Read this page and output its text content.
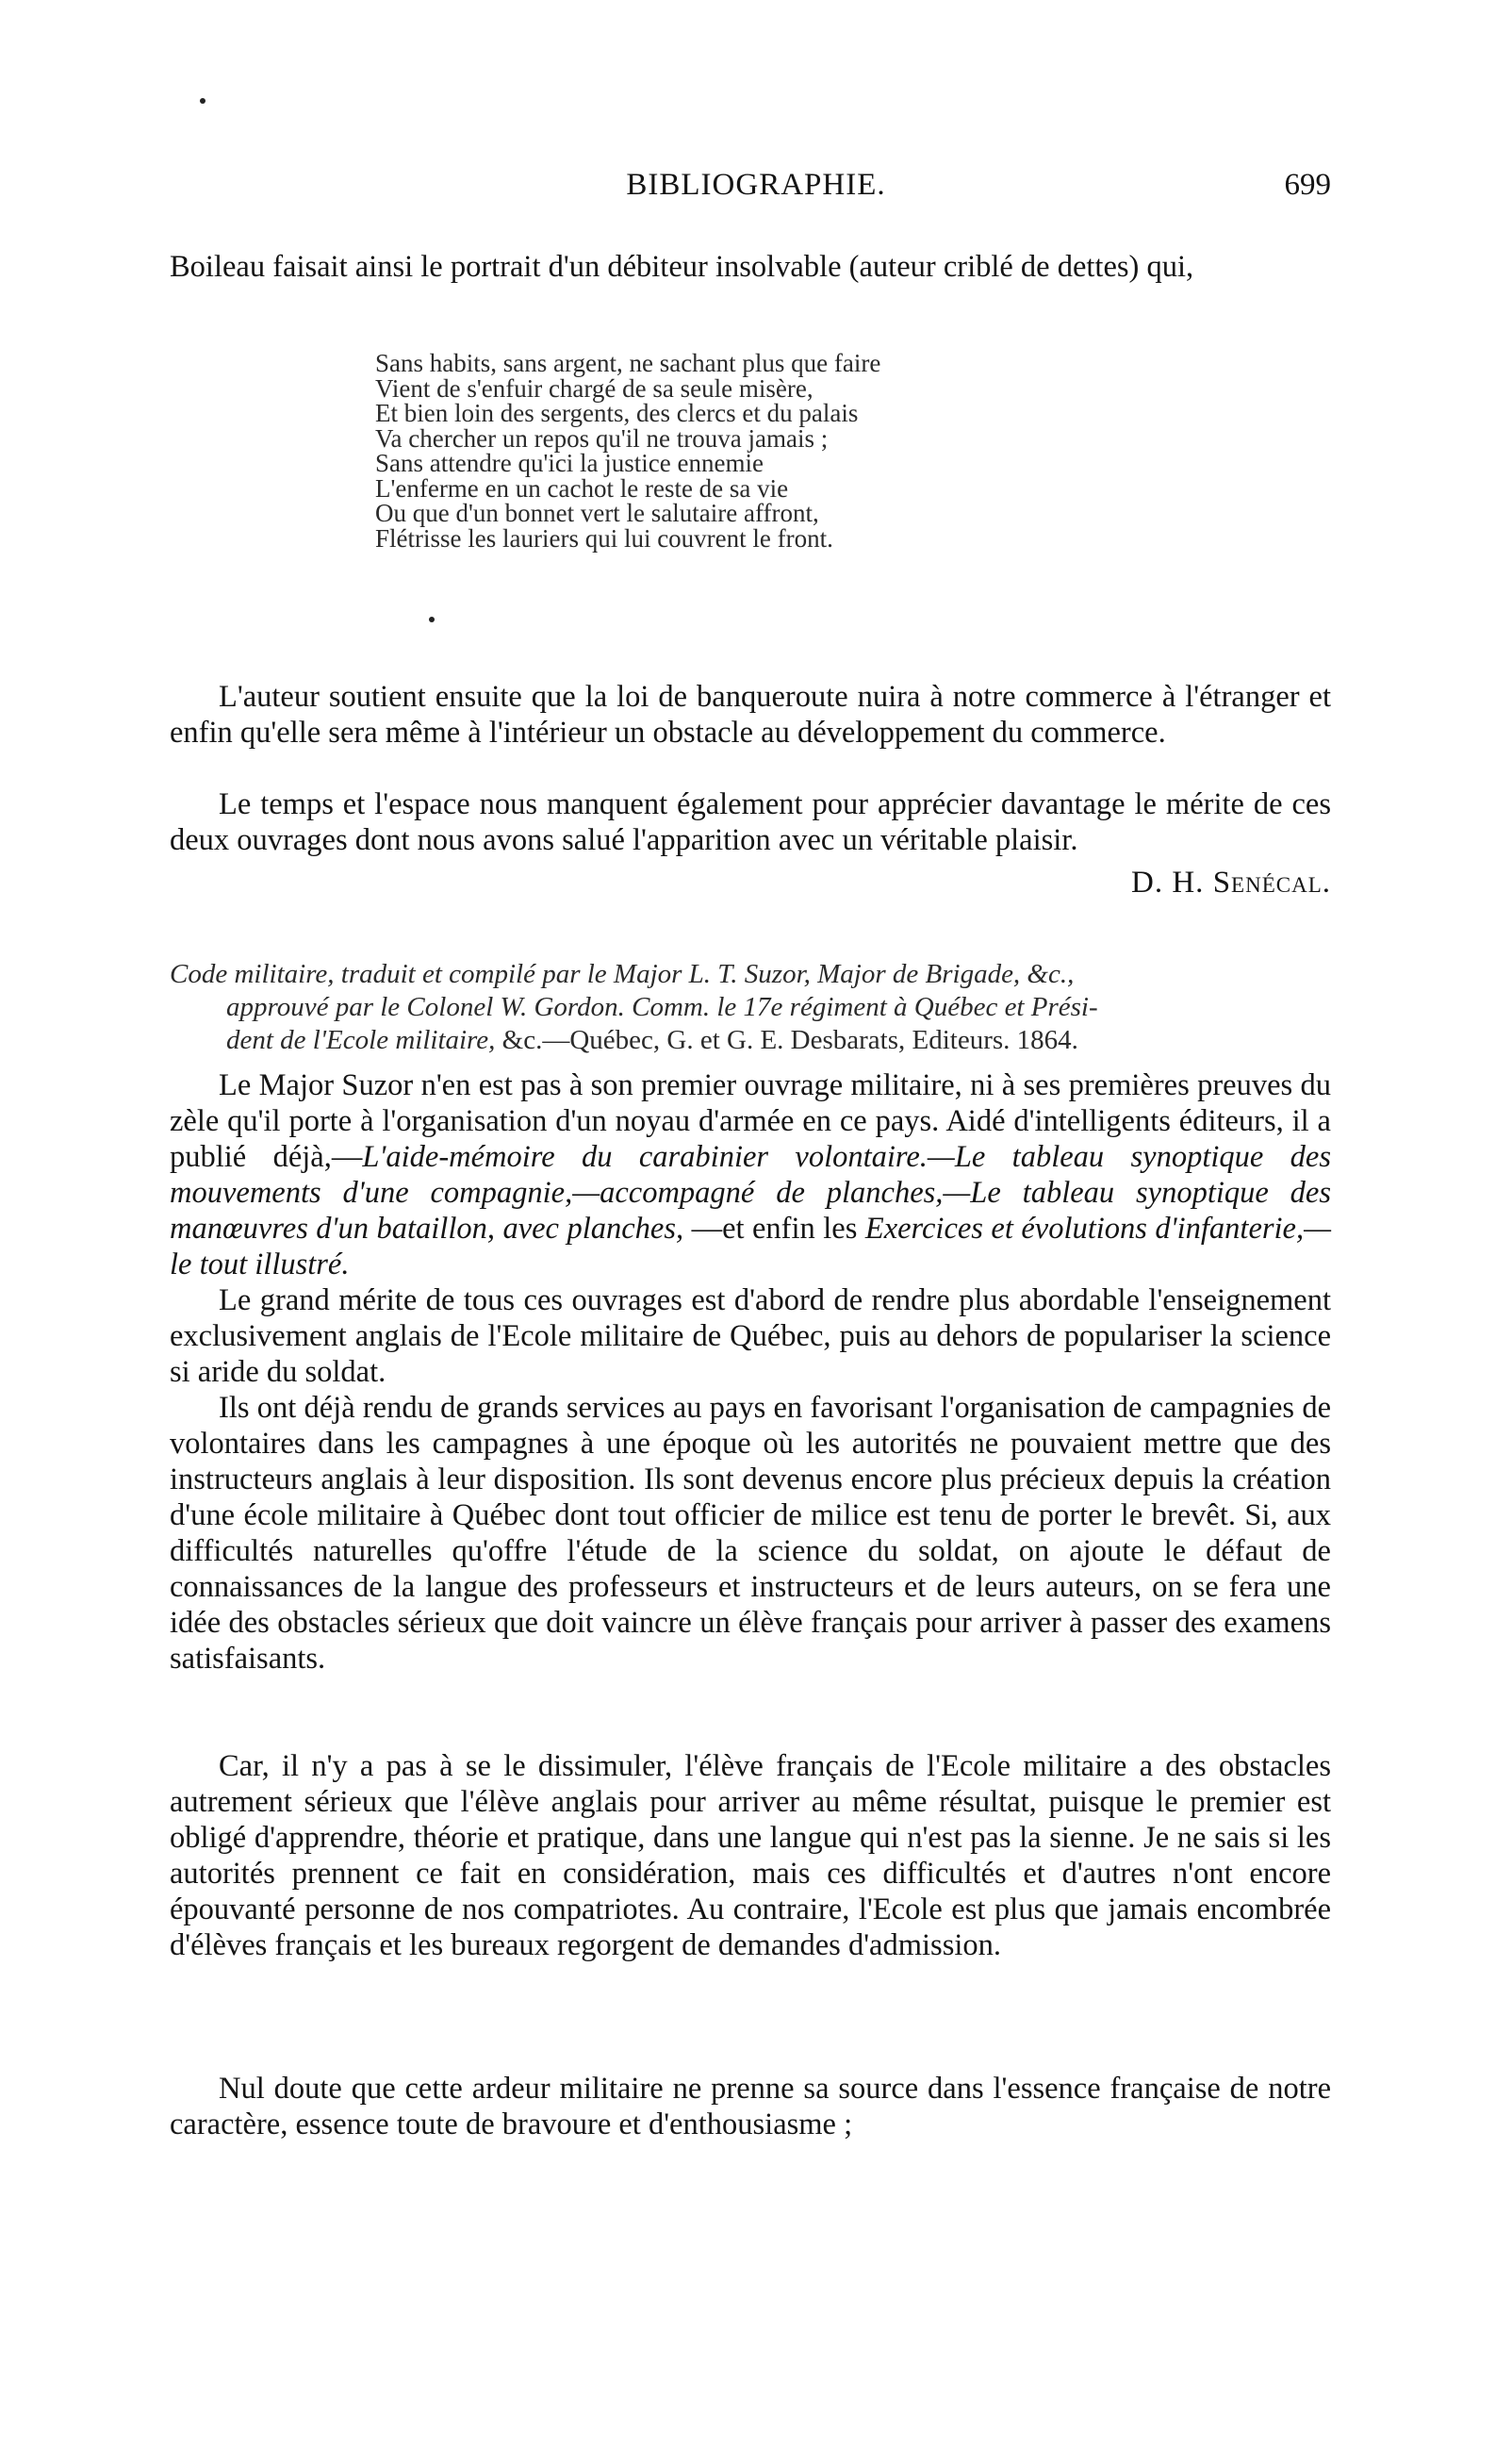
BIBLIOGRAPHIE.	699

Boileau faisait ainsi le portrait d'un débiteur insolvable (auteur criblé de dettes) qui,

Sans habits, sans argent, ne sachant plus que faire
Vient de s'enfuir chargé de sa seule misère,
Et bien loin des sergents, des clercs et du palais
Va chercher un repos qu'il ne trouva jamais ;
Sans attendre qu'ici la justice ennemie
L'enferme en un cachot le reste de sa vie
Ou que d'un bonnet vert le salutaire affront,
Flétrisse les lauriers qui lui couvrent le front.

L'auteur soutient ensuite que la loi de banqueroute nuira à notre commerce à l'étranger et enfin qu'elle sera même à l'intérieur un obstacle au développement du commerce.

Le temps et l'espace nous manquent également pour apprécier davantage le mérite de ces deux ouvrages dont nous avons salué l'apparition avec un véritable plaisir.

D. H. Senécal.
Code militaire, traduit et compilé par le Major L. T. Suzor, Major de Brigade, &c.,
approuvé par le Colonel W. Gordon. Comm. le 17e régiment à Québec et Prési-
dent de l'Ecole militaire, &c.—Québec, G. et G. E. Desbarats, Editeurs. 1864.

Le Major Suzor n'en est pas à son premier ouvrage militaire, ni à ses premières preuves du zèle qu'il porte à l'organisation d'un noyau d'armée en ce pays. Aidé d'intelligents éditeurs, il a publié déjà,—L'aide-mémoire du carabinier volontaire.—Le tableau synoptique des mouvements d'une compagnie,—accompagné de planches,—Le tableau synoptique des manœuvres d'un bataillon, avec planches, —et enfin les Exercices et évolutions d'infanterie,—le tout illustré.

Le grand mérite de tous ces ouvrages est d'abord de rendre plus abordable l'enseignement exclusivement anglais de l'Ecole militaire de Québec, puis au dehors de populariser la science si aride du soldat.

Ils ont déjà rendu de grands services au pays en favorisant l'organisation de campagnies de volontaires dans les campagnes à une époque où les autorités ne pouvaient mettre que des instructeurs anglais à leur disposition. Ils sont devenus encore plus précieux depuis la création d'une école militaire à Québec dont tout officier de milice est tenu de porter le brevêt. Si, aux difficultés naturelles qu'offre l'étude de la science du soldat, on ajoute le défaut de connaissances de la langue des professeurs et instructeurs et de leurs auteurs, on se fera une idée des obstacles sérieux que doit vaincre un élève français pour arriver à passer des examens satisfaisants.

Car, il n'y a pas à se le dissimuler, l'élève français de l'Ecole militaire a des obstacles autrement sérieux que l'élève anglais pour arriver au même résultat, puisque le premier est obligé d'apprendre, théorie et pratique, dans une langue qui n'est pas la sienne. Je ne sais si les autorités prennent ce fait en considération, mais ces difficultés et d'autres n'ont encore épouvanté personne de nos compatriotes. Au contraire, l'Ecole est plus que jamais encombrée d'élèves français et les bureaux regorgent de demandes d'admission.

Nul doute que cette ardeur militaire ne prenne sa source dans l'essence française de notre caractère, essence toute de bravoure et d'enthousiasme ;
